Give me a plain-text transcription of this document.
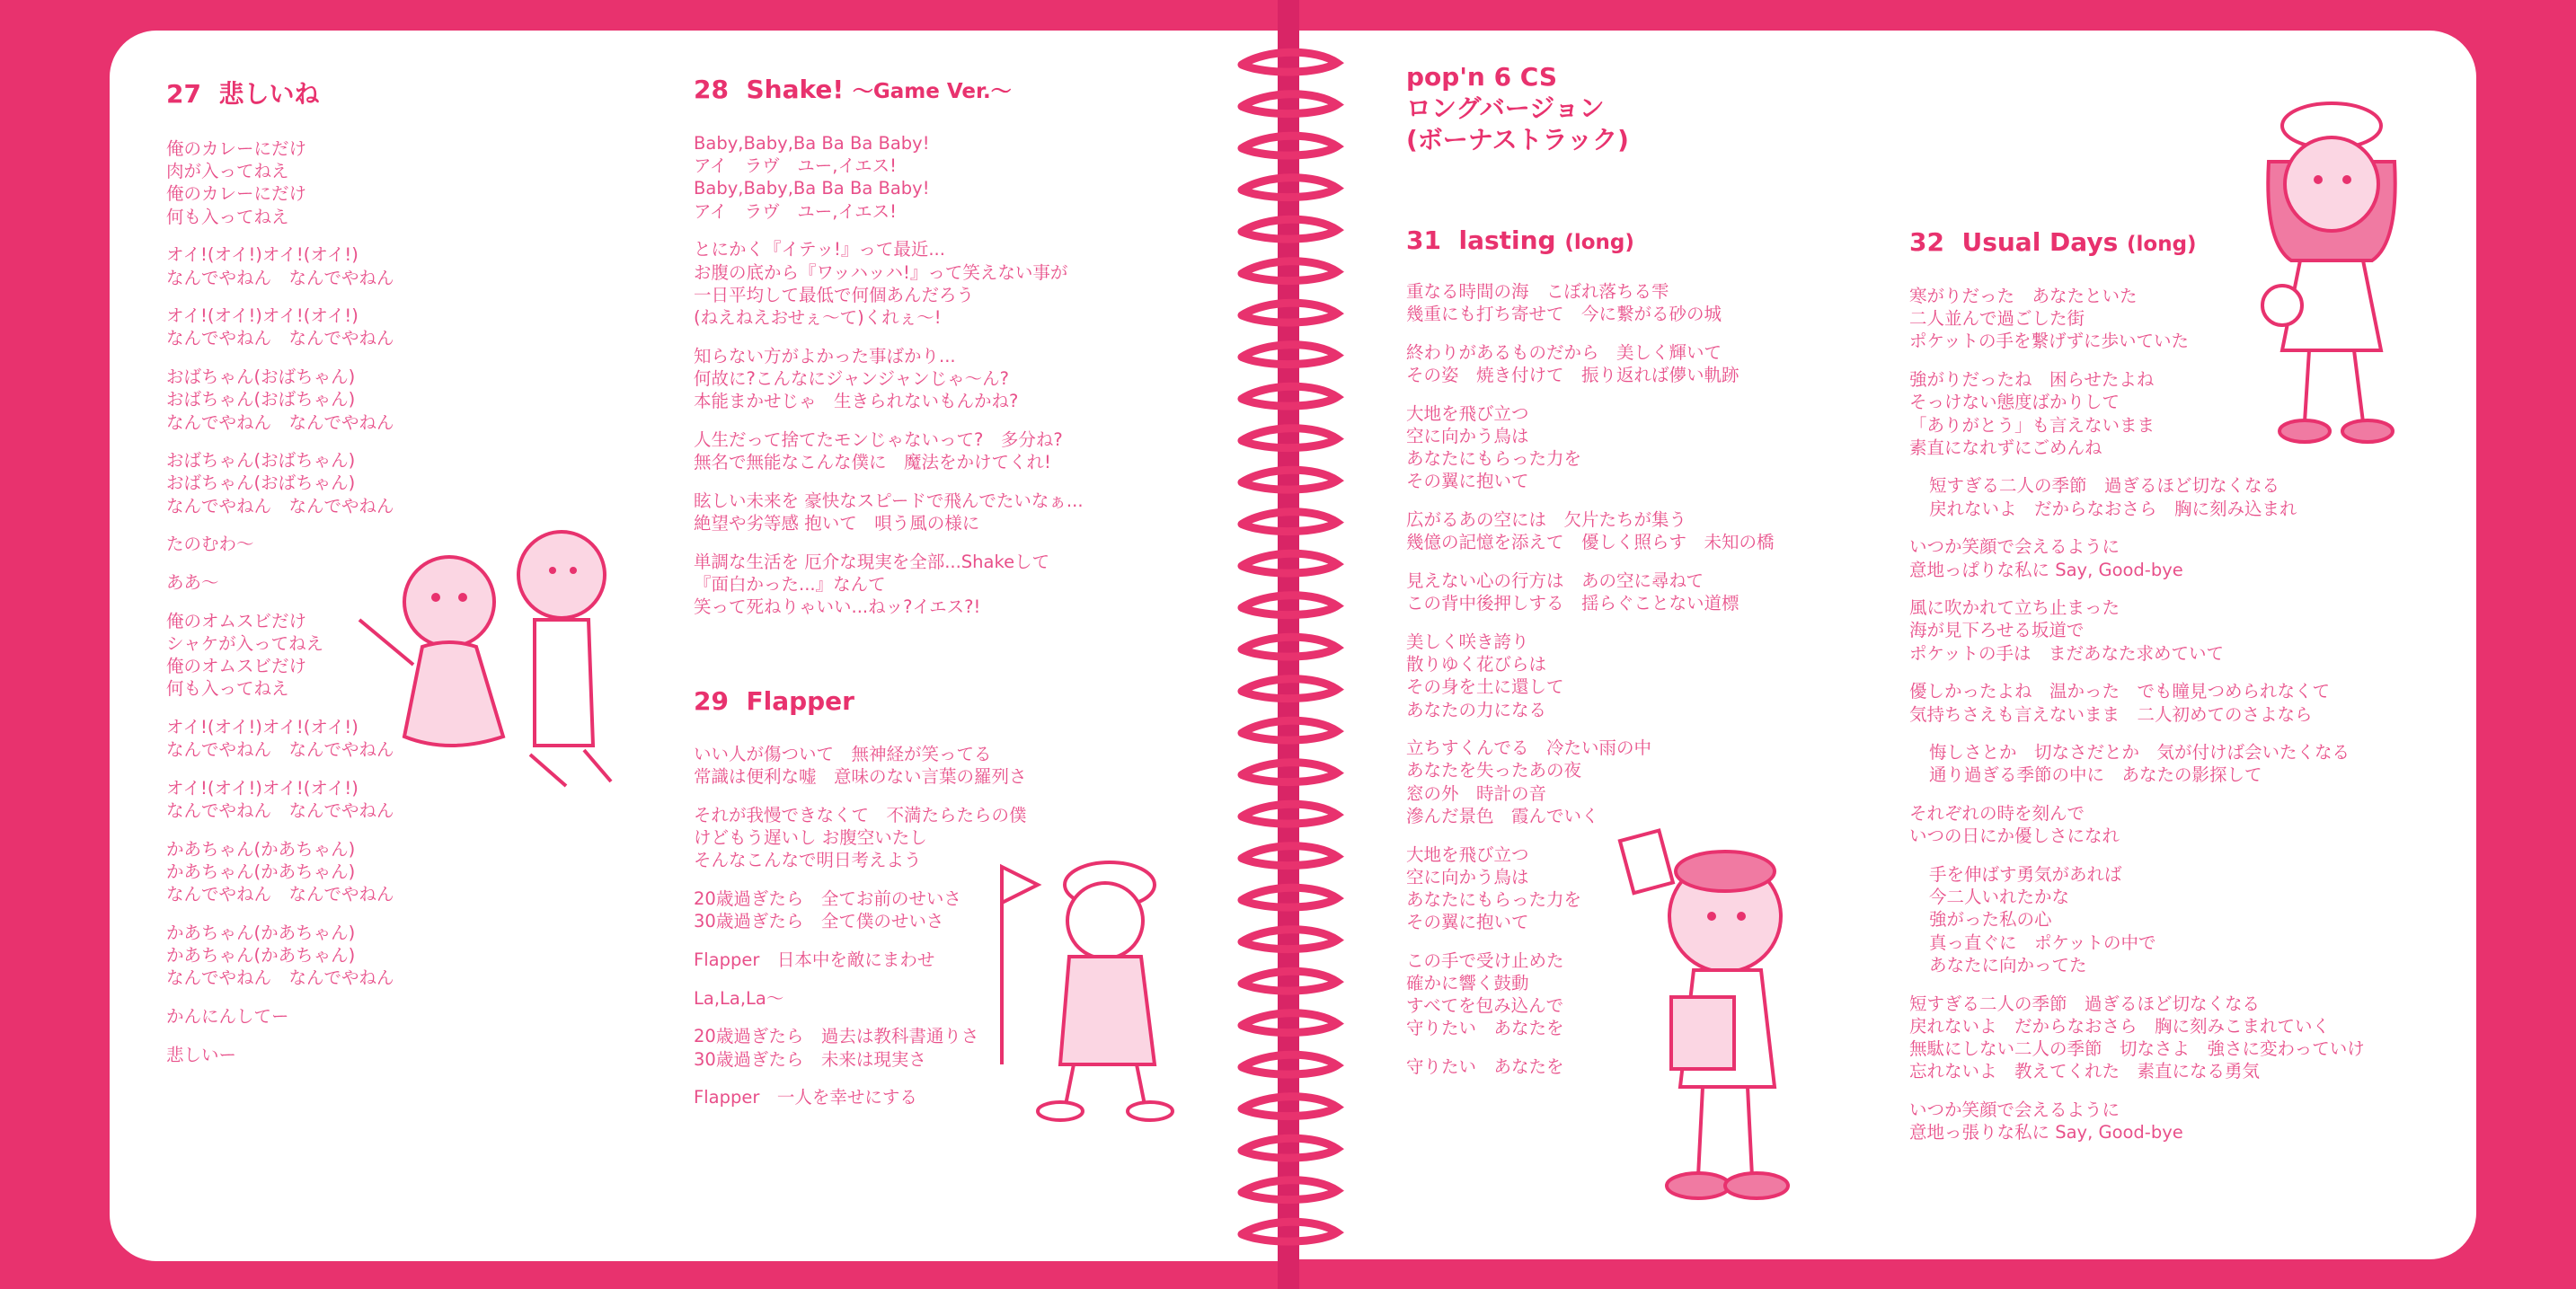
27 悲しいね
俺のカレーにだけ
肉が入ってねえ
俺のカレーにだけ
何も入ってねえ
オイ!(オイ!)オイ!(オイ!)
なんでやねん　なんでやねん
オイ!(オイ!)オイ!(オイ!)
なんでやねん　なんでやねん
おばちゃん(おばちゃん)
おばちゃん(おばちゃん)
なんでやねん　なんでやねん
おばちゃん(おばちゃん)
おばちゃん(おばちゃん)
なんでやねん　なんでやねん
たのむわ〜
ああ〜
俺のオムスビだけ
シャケが入ってねえ
俺のオムスビだけ
何も入ってねえ
オイ!(オイ!)オイ!(オイ!)
なんでやねん　なんでやねん
オイ!(オイ!)オイ!(オイ!)
なんでやねん　なんでやねん
かあちゃん(かあちゃん)
かあちゃん(かあちゃん)
なんでやねん　なんでやねん
かあちゃん(かあちゃん)
かあちゃん(かあちゃん)
なんでやねん　なんでやねん
かんにんしてー
悲しいー
28 Shake! 〜Game Ver.〜
Baby,Baby,Ba Ba Ba Baby!
アイ　ラヴ　ユー,イエス!
Baby,Baby,Ba Ba Ba Baby!
アイ　ラヴ　ユー,イエス!
とにかく『イテッ!』って最近...
お腹の底から『ワッハッハ!』って笑えない事が
一日平均して最低で何個あんだろう
(ねえねえおせぇ〜て)くれぇ〜!
知らない方がよかった事ばかり...
何故に?こんなにジャンジャンじゃ〜ん?
本能まかせじゃ　生きられないもんかね?
人生だって捨てたモンじゃないって?　多分ね?
無名で無能なこんな僕に　魔法をかけてくれ!
眩しい未来を 豪快なスピードで飛んでたいなぁ...
絶望や劣等感 抱いて　唄う風の様に
単調な生活を 厄介な現実を全部...Shakeして
『面白かった...』なんて
笑って死ねりゃいい...ねッ?イエス?!
29 Flapper
いい人が傷ついて　無神経が笑ってる
常識は便利な嘘　意味のない言葉の羅列さ
それが我慢できなくて　不満たらたらの僕
けどもう遅いし お腹空いたし
そんなこんなで明日考えよう
20歳過ぎたら　全てお前のせいさ
30歳過ぎたら　全て僕のせいさ
Flapper　日本中を敵にまわせ
La,La,La〜
20歳過ぎたら　過去は教科書通りさ
30歳過ぎたら　未来は現実さ
Flapper　一人を幸せにする
pop'n 6 CS
ロングバージョン
(ボーナストラック)
31 lasting (long)
重なる時間の海　こぼれ落ちる雫
幾重にも打ち寄せて　今に繋がる砂の城
終わりがあるものだから　美しく輝いて
その姿　焼き付けて　振り返れば儚い軌跡
大地を飛び立つ
空に向かう鳥は
あなたにもらった力を
その翼に抱いて
広がるあの空には　欠片たちが集う
幾億の記憶を添えて　優しく照らす　未知の橋
見えない心の行方は　あの空に尋ねて
この背中後押しする　揺らぐことない道標
美しく咲き誇り
散りゆく花びらは
その身を土に還して
あなたの力になる
立ちすくんでる　冷たい雨の中
あなたを失ったあの夜
窓の外　時計の音
滲んだ景色　霞んでいく
大地を飛び立つ
空に向かう鳥は
あなたにもらった力を
その翼に抱いて
この手で受け止めた
確かに響く鼓動
すべてを包み込んで
守りたい　あなたを
守りたい　あなたを
32 Usual Days (long)
寒がりだった　あなたといた
二人並んで過ごした街
ポケットの手を繋げずに歩いていた
強がりだったね　困らせたよね
そっけない態度ばかりして
「ありがとう」も言えないまま
素直になれずにごめんね
短すぎる二人の季節　過ぎるほど切なくなる
戻れないよ　だからなおさら　胸に刻み込まれ
いつか笑顔で会えるように
意地っぱりな私に Say, Good-bye
風に吹かれて立ち止まった
海が見下ろせる坂道で
ポケットの手は　まだあなた求めていて
優しかったよね　温かった　でも瞳見つめられなくて
気持ちさえも言えないまま　二人初めてのさよなら
悔しさとか　切なさだとか　気が付けば会いたくなる
通り過ぎる季節の中に　あなたの影探して
それぞれの時を刻んで
いつの日にか優しさになれ
手を伸ばす勇気があれば
今二人いれたかな
強がった私の心
真っ直ぐに　ポケットの中で
あなたに向かってた
短すぎる二人の季節　過ぎるほど切なくなる
戻れないよ　だからなおさら　胸に刻みこまれていく
無駄にしない二人の季節　切なさよ　強さに変わっていけ
忘れないよ　教えてくれた　素直になる勇気
いつか笑顔で会えるように
意地っ張りな私に Say, Good-bye
